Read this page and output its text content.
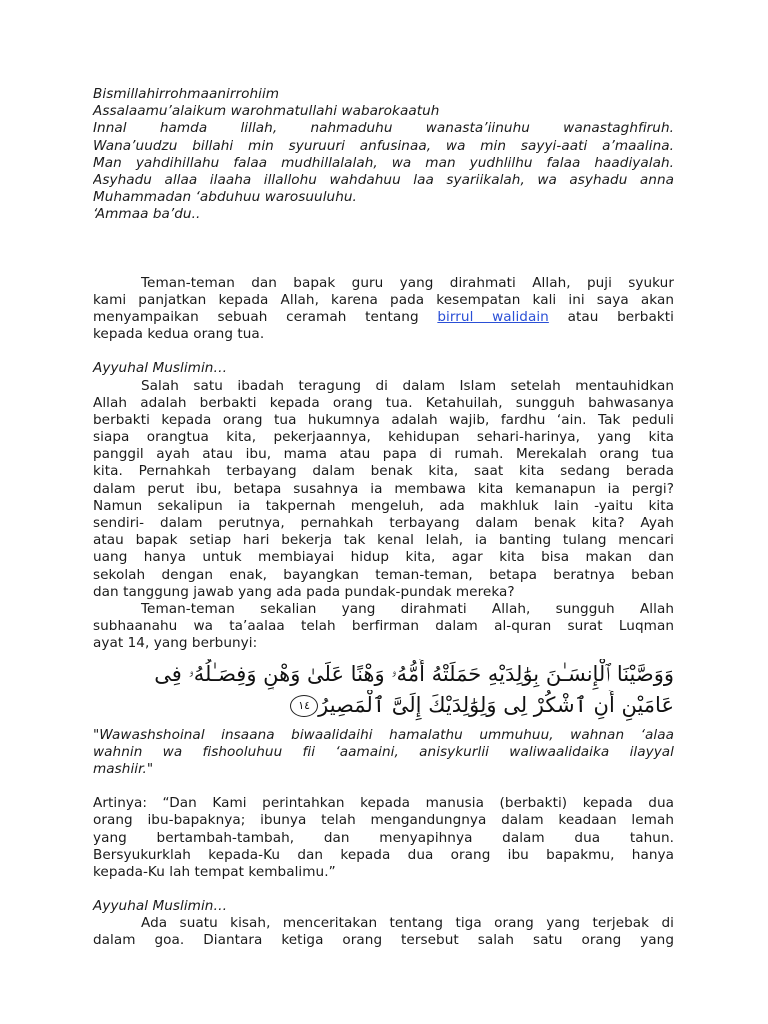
Bismillahirrohmaanirrohiim
Assalaamu’alaikum warohmatullahi wabarokaatuh
Innal hamda lillah, nahmaduhu wanasta’iinuhu wanastaghfiruh.
Wana’uudzu billahi min syuruuri anfusinaa, wa min sayyi-aati a’maalina.
Man yahdihillahu falaa mudhillalalah, wa man yudhlilhu falaa haadiyalah.
Asyhadu allaa ilaaha illallohu wahdahuu laa syariikalah, wa asyhadu anna
Muhammadan ‘abduhuu warosuuluhu.
‘Ammaa ba’du..
Teman-teman dan bapak guru yang dirahmati Allah, puji syukur
kami panjatkan kepada Allah, karena pada kesempatan kali ini saya akan
menyampaikan sebuah ceramah tentang birrul walidain atau berbakti
kepada kedua orang tua.
Ayyuhal Muslimin…
Salah satu ibadah teragung di dalam Islam setelah mentauhidkan
Allah adalah berbakti kepada orang tua. Ketahuilah, sungguh bahwasanya
berbakti kepada orang tua hukumnya adalah wajib, fardhu ‘ain. Tak peduli
siapa orangtua kita, pekerjaannya, kehidupan sehari-harinya, yang kita
panggil ayah atau ibu, mama atau papa di rumah. Merekalah orang tua
kita. Pernahkah terbayang dalam benak kita, saat kita sedang berada
dalam perut ibu, betapa susahnya ia membawa kita kemanapun ia pergi?
Namun sekalipun ia takpernah mengeluh, ada makhluk lain -yaitu kita
sendiri- dalam perutnya, pernahkah terbayang dalam benak kita? Ayah
atau bapak setiap hari bekerja tak kenal lelah, ia banting tulang mencari
uang hanya untuk membiayai hidup kita, agar kita bisa makan dan
sekolah dengan enak, bayangkan teman-teman, betapa beratnya beban
dan tanggung jawab yang ada pada pundak-pundak mereka?
Teman-teman sekalian yang dirahmati Allah, sungguh Allah
subhaanahu wa ta’aalaa telah berfirman dalam al-quran surat Luqman
ayat 14, yang berbunyi:
وَوَصَّيْنَا ٱلْإِنسَـٰنَ بِوَٰلِدَيْهِ حَمَلَتْهُ أُمُّهُۥ وَهْنًا عَلَىٰ وَهْنٍ وَفِصَـٰلُهُۥ فِى
عَامَيْنِ أَنِ ٱشْكُرْ لِى وَلِوَٰلِدَيْكَ إِلَىَّ ٱلْمَصِيرُ١٤
"Wawashshoinal insaana biwaalidaihi hamalathu ummuhuu, wahnan ‘alaa
wahnin wa fishooluhuu fii ‘aamaini, anisykurlii waliwaalidaika ilayyal
mashiir."
Artinya: “Dan Kami perintahkan kepada manusia (berbakti) kepada dua
orang ibu-bapaknya; ibunya telah mengandungnya dalam keadaan lemah
yang bertambah-tambah, dan menyapihnya dalam dua tahun.
Bersyukurklah kepada-Ku dan kepada dua orang ibu bapakmu, hanya
kepada-Ku lah tempat kembalimu.”
Ayyuhal Muslimin…
Ada suatu kisah, menceritakan tentang tiga orang yang terjebak di
dalam goa. Diantara ketiga orang tersebut salah satu orang yang
